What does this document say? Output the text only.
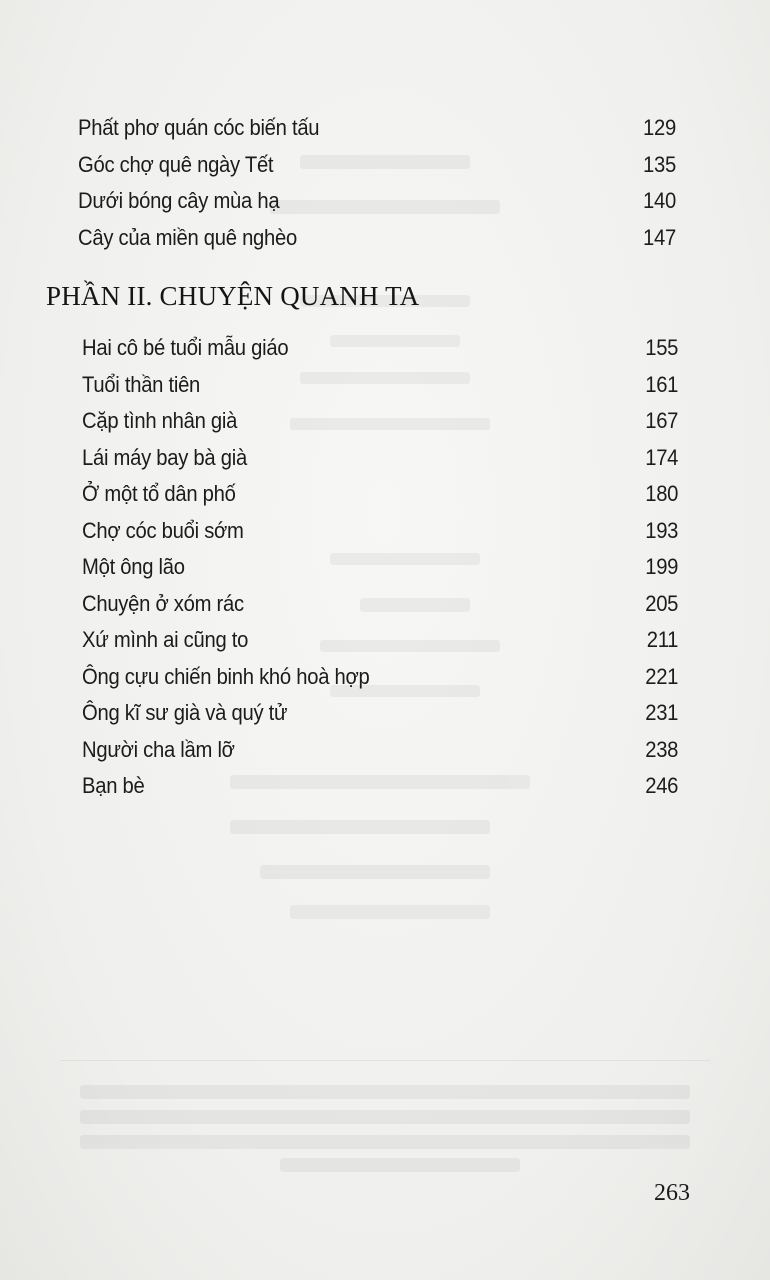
Phất phơ quán cóc biến tấu	129
Góc chợ quê ngày Tết	135
Dưới bóng cây mùa hạ	140
Cây của miền quê nghèo	147
PHẦN II. CHUYỆN QUANH TA
Hai cô bé tuổi mẫu giáo	155
Tuổi thần tiên	161
Cặp tình nhân già	167
Lái máy bay bà già	174
Ở một tổ dân phố	180
Chợ cóc buổi sớm	193
Một ông lão	199
Chuyện ở xóm rác	205
Xứ mình ai cũng to	211
Ông cựu chiến binh khó hoà hợp	221
Ông kĩ sư già và quý tử	231
Người cha lầm lỡ	238
Bạn bè	246
263
